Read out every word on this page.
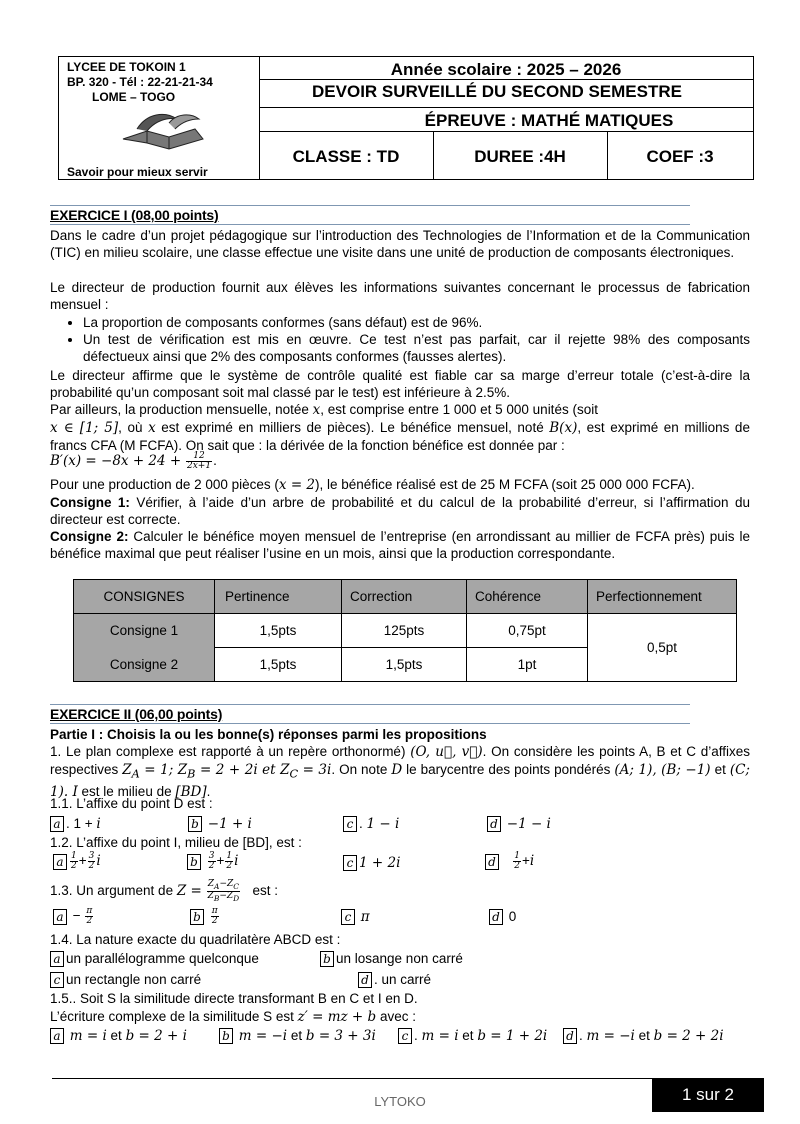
LYCEE DE TOKOIN 1
BP. 320 - Tél : 22-21-21-34
LOME – TOGO
Savoir pour mieux servir
Année scolaire : 2025 – 2026
DEVOIR SURVEILLÉ DU SECOND SEMESTRE
ÉPREUVE : MATHÉ MATIQUES
CLASSE : TD	DUREE :4H	COEF :3
EXERCICE I (08,00 points)
Dans le cadre d’un projet pédagogique sur l’introduction des Technologies de l’Information et de la Communication (TIC) en milieu scolaire, une classe effectue une visite dans une unité de production de composants électroniques.
Le directeur de production fournit aux élèves les informations suivantes concernant le processus de fabrication mensuel :
• La proportion de composants conformes (sans défaut) est de 96%.
• Un test de vérification est mis en œuvre. Ce test n’est pas parfait, car il rejette 98% des composants défectueux ainsi que 2% des composants conformes (fausses alertes).
Le directeur affirme que le système de contrôle qualité est fiable car sa marge d’erreur totale (c’est-à-dire la probabilité qu’un composant soit mal classé par le test) est inférieure à 2.5%.
Par ailleurs, la production mensuelle, notée x, est comprise entre 1 000 et 5 000 unités (soit
x ∈ [1; 5], où x est exprimé en milliers de pièces). Le bénéfice mensuel, noté B(x), est exprimé en millions de francs CFA (M FCFA). On sait que : la dérivée de la fonction bénéfice est donnée par :
$B'(x) = -8x + 24 + \frac{12}{2x+1}$ .
Pour une production de 2 000 pièces (x = 2), le bénéfice réalisé est de 25 M FCFA (soit 25 000 000 FCFA).
Consigne 1: Vérifier, à l’aide d’un arbre de probabilité et du calcul de la probabilité d’erreur, si l’affirmation du directeur est correcte.
Consigne 2: Calculer le bénéfice moyen mensuel de l’entreprise (en arrondissant au millier de FCFA près) puis le bénéfice maximal que peut réaliser l’usine en un mois, ainsi que la production correspondante.
CONSIGNES	Pertinence	Correction	Cohérence	Perfectionnement
Consigne 1	1,5pts	125pts	0,75pt	0,5pt
Consigne 2	1,5pts	1,5pts	1pt	
EXERCICE II (06,00 points)
Partie I : Choisis la ou les bonne(s) réponses parmi les propositions
1. Le plan complexe est rapporté à un repère orthonormé) (O, u⃗, v⃗). On considère les points A, B et C d’affixes respectives $Z_A = 1$; $Z_B = 2 + 2i$ et $Z_C = 3i$. On note D le barycentre des points pondérés (A; 1), (B; −1) et (C; 1). I est le milieu de [BD].
1.1. L’affixe du point D est :
a . 1 + i	b −1 + i	c . 1 − i	d −1 − i
1.2. L’affixe du point I, milieu de [BD], est :
a $\frac{1}{2} + \frac{3}{2}$ i	b $\frac{3}{2} + \frac{1}{2}$ i	c 1 + 2i	d $\frac{1}{2} +i$
1.3. Un argument de $Z = \frac{Z_A-Z_C}{Z_B-Z_D}$ est :
$a - \frac{\pi}{2}$	b $\frac{\pi}{2}$	c π	d 0
1.4. La nature exacte du quadrilatère ABCD est :
a un parallélogramme quelconque	b un losange non carré
c un rectangle non carré	d . un carré
1.5.. Soit S la similitude directe transformant B en C et I en D.
L’écriture complexe de la similitude S est z′ = mz + b avec :
a m = i et b = 2 + i	b m = −i et b = 3 + 3i	c . m = i et b = 1 + 2i d . m = −i et b = 2 + 2i
LYTOKO	1 sur 2
